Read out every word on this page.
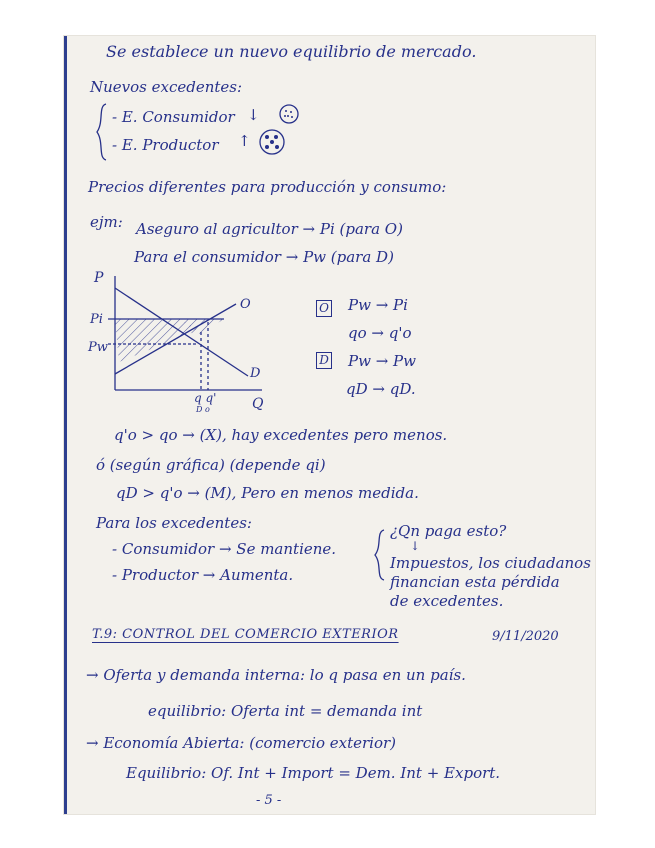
Se establece un nuevo equilibrio de mercado.
Nuevos excedentes:
- E. Consumidor ↓
- E. Productor ↑
Precios diferentes para producción y consumo:
ejm: Aseguro al agricultor → Pi (para O)
Para el consumidor → Pw (para D)
P
Q
D
O
Pi
Pw
q q'
D o
O Pw → Pi
qo → q'o
D Pw → Pw
qD → qD.
q'o > qo → (X), hay excedentes pero menos.
ó (según gráfica) (depende qi)
qD > q'o → (M), Pero en menos medida.
Para los excedentes:
- Consumidor → Se mantiene.
- Productor → Aumenta.
¿Qn paga esto?
↓
Impuestos, los ciudadanos
financian esta pérdida
de excedentes.
T.9: CONTROL DEL COMERCIO EXTERIOR	9/11/2020
→ Oferta y demanda interna: lo q pasa en un país.
equilibrio: Oferta int = demanda int
→ Economía Abierta: (comercio exterior)
Equilibrio: Of. Int + Import = Dem. Int + Export.
- 5 -
